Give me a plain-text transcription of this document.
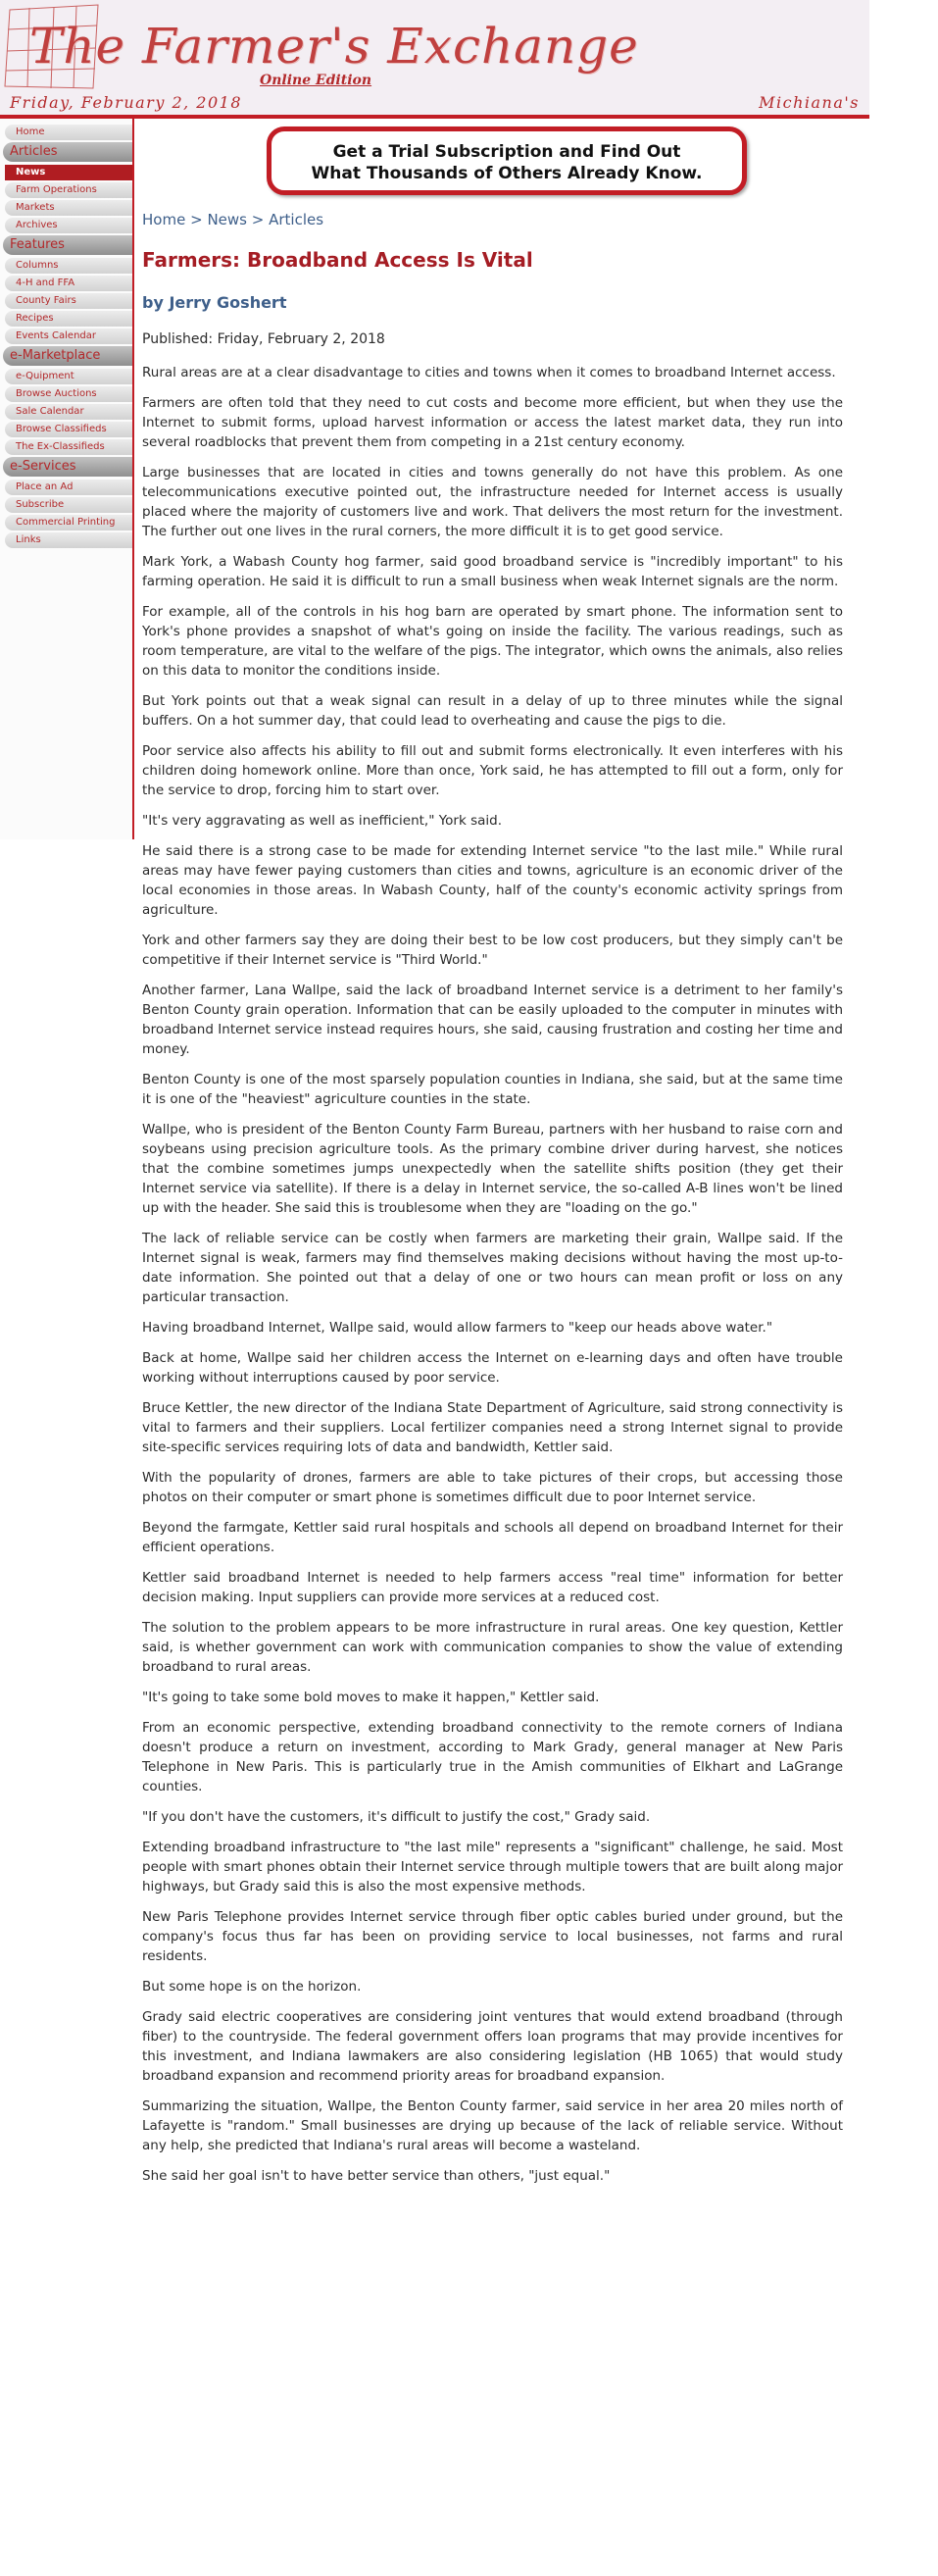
The Farmer's Exchange
Online Edition
Friday, February 2, 2018	Michiana's
Home
Articles
News
Farm Operations
Markets
Archives
Features
Columns
4-H and FFA
County Fairs
Recipes
Events Calendar
e-Marketplace
e-Quipment
Browse Auctions
Sale Calendar
Browse Classifieds
The Ex-Classifieds
e-Services
Place an Ad
Subscribe
Commercial Printing
Links
Get a Trial Subscription and Find Out
What Thousands of Others Already Know.
Home > News > Articles
Farmers: Broadband Access Is Vital
by Jerry Goshert
Published: Friday, February 2, 2018

Rural areas are at a clear disadvantage to cities and towns when it comes to broadband Internet access.

Farmers are often told that they need to cut costs and become more efficient, but when they use the Internet to submit forms, upload harvest information or access the latest market data, they run into several roadblocks that prevent them from competing in a 21st century economy.

Large businesses that are located in cities and towns generally do not have this problem. As one telecommunications executive pointed out, the infrastructure needed for Internet access is usually placed where the majority of customers live and work. That delivers the most return for the investment. The further out one lives in the rural corners, the more difficult it is to get good service.

Mark York, a Wabash County hog farmer, said good broadband service is "incredibly important" to his farming operation. He said it is difficult to run a small business when weak Internet signals are the norm.

For example, all of the controls in his hog barn are operated by smart phone. The information sent to York's phone provides a snapshot of what's going on inside the facility. The various readings, such as room temperature, are vital to the welfare of the pigs. The integrator, which owns the animals, also relies on this data to monitor the conditions inside.

But York points out that a weak signal can result in a delay of up to three minutes while the signal buffers. On a hot summer day, that could lead to overheating and cause the pigs to die.

Poor service also affects his ability to fill out and submit forms electronically. It even interferes with his children doing homework online. More than once, York said, he has attempted to fill out a form, only for the service to drop, forcing him to start over.

"It's very aggravating as well as inefficient," York said.

He said there is a strong case to be made for extending Internet service "to the last mile." While rural areas may have fewer paying customers than cities and towns, agriculture is an economic driver of the local economies in those areas. In Wabash County, half of the county's economic activity springs from agriculture.

York and other farmers say they are doing their best to be low cost producers, but they simply can't be competitive if their Internet service is "Third World."

Another farmer, Lana Wallpe, said the lack of broadband Internet service is a detriment to her family's Benton County grain operation. Information that can be easily uploaded to the computer in minutes with broadband Internet service instead requires hours, she said, causing frustration and costing her time and money.

Benton County is one of the most sparsely population counties in Indiana, she said, but at the same time it is one of the "heaviest" agriculture counties in the state.

Wallpe, who is president of the Benton County Farm Bureau, partners with her husband to raise corn and soybeans using precision agriculture tools. As the primary combine driver during harvest, she notices that the combine sometimes jumps unexpectedly when the satellite shifts position (they get their Internet service via satellite). If there is a delay in Internet service, the so-called A-B lines won't be lined up with the header. She said this is troublesome when they are "loading on the go."

The lack of reliable service can be costly when farmers are marketing their grain, Wallpe said. If the Internet signal is weak, farmers may find themselves making decisions without having the most up-to-date information. She pointed out that a delay of one or two hours can mean profit or loss on any particular transaction.

Having broadband Internet, Wallpe said, would allow farmers to "keep our heads above water."

Back at home, Wallpe said her children access the Internet on e-learning days and often have trouble working without interruptions caused by poor service.

Bruce Kettler, the new director of the Indiana State Department of Agriculture, said strong connectivity is vital to farmers and their suppliers. Local fertilizer companies need a strong Internet signal to provide site-specific services requiring lots of data and bandwidth, Kettler said.

With the popularity of drones, farmers are able to take pictures of their crops, but accessing those photos on their computer or smart phone is sometimes difficult due to poor Internet service.

Beyond the farmgate, Kettler said rural hospitals and schools all depend on broadband Internet for their efficient operations.

Kettler said broadband Internet is needed to help farmers access "real time" information for better decision making. Input suppliers can provide more services at a reduced cost.

The solution to the problem appears to be more infrastructure in rural areas. One key question, Kettler said, is whether government can work with communication companies to show the value of extending broadband to rural areas.

"It's going to take some bold moves to make it happen," Kettler said.

From an economic perspective, extending broadband connectivity to the remote corners of Indiana doesn't produce a return on investment, according to Mark Grady, general manager at New Paris Telephone in New Paris. This is particularly true in the Amish communities of Elkhart and LaGrange counties.

"If you don't have the customers, it's difficult to justify the cost," Grady said.

Extending broadband infrastructure to "the last mile" represents a "significant" challenge, he said. Most people with smart phones obtain their Internet service through multiple towers that are built along major highways, but Grady said this is also the most expensive methods.

New Paris Telephone provides Internet service through fiber optic cables buried under ground, but the company's focus thus far has been on providing service to local businesses, not farms and rural residents.

But some hope is on the horizon.

Grady said electric cooperatives are considering joint ventures that would extend broadband (through fiber) to the countryside. The federal government offers loan programs that may provide incentives for this investment, and Indiana lawmakers are also considering legislation (HB 1065) that would study broadband expansion and recommend priority areas for broadband expansion.

Summarizing the situation, Wallpe, the Benton County farmer, said service in her area 20 miles north of Lafayette is "random." Small businesses are drying up because of the lack of reliable service. Without any help, she predicted that Indiana's rural areas will become a wasteland.

She said her goal isn't to have better service than others, "just equal."
